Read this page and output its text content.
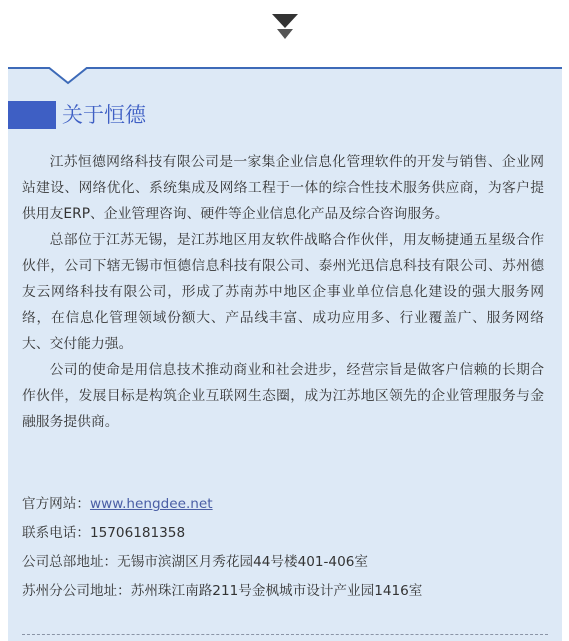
关于恒德

江苏恒德网络科技有限公司是一家集企业信息化管理软件的开发与销售、企业网站建设、网络优化、系统集成及网络工程于一体的综合性技术服务供应商，为客户提供用友ERP、企业管理咨询、硬件等企业信息化产品及综合咨询服务。

总部位于江苏无锡，是江苏地区用友软件战略合作伙伴，用友畅捷通五星级合作伙伴，公司下辖无锡市恒德信息科技有限公司、泰州光迅信息科技有限公司、苏州德友云网络科技有限公司，形成了苏南苏中地区企事业单位信息化建设的强大服务网络，在信息化管理领域份额大、产品线丰富、成功应用多、行业覆盖广、服务网络大、交付能力强。

公司的使命是用信息技术推动商业和社会进步，经营宗旨是做客户信赖的长期合作伙伴，发展目标是构筑企业互联网生态圈，成为江苏地区领先的企业管理服务与金融服务提供商。

官方网站：www.hengdee.net
联系电话：15706181358
公司总部地址：无锡市滨湖区月秀花园44号楼401-406室
苏州分公司地址：苏州珠江南路211号金枫城市设计产业园1416室
